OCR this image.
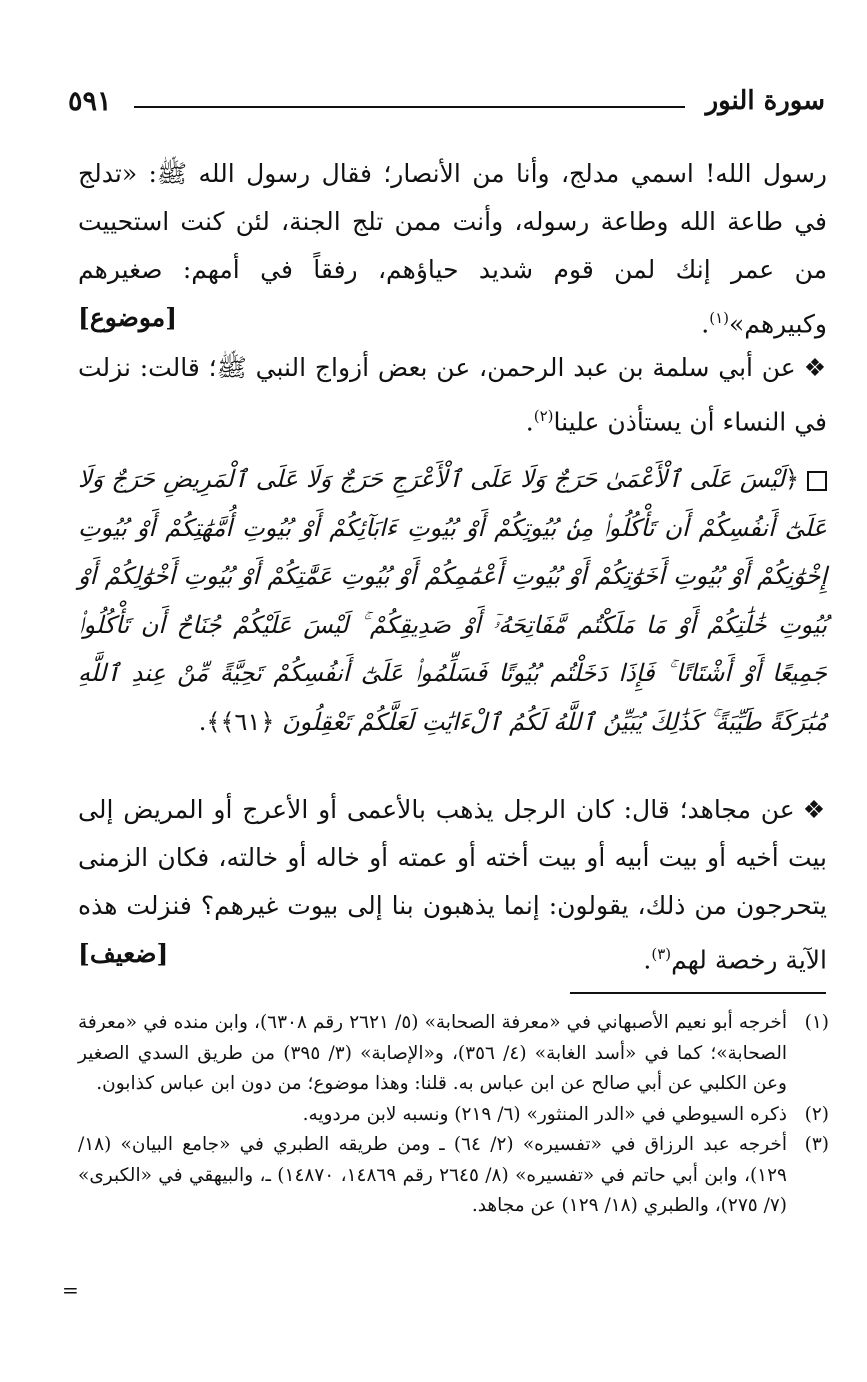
٥٩١	سورة النور
رسول الله! اسمي مدلج، وأنا من الأنصار؛ فقال رسول الله ﷺ: «تدلج في طاعة الله وطاعة رسوله، وأنت ممن تلج الجنة، لئن كنت استحييت من عمر إنك لمن قوم شديد حياؤهم، رفقاً في أمهم: صغيرهم وكبيرهم»$^{(١)}$.
[موضوع]
❖عن أبي سلمة بن عبد الرحمن، عن بعض أزواج النبي ﷺ؛ قالت: نزلت في النساء أن يستأذن علينا$^{(٢)}$.
﴿لَيْسَ عَلَى ٱلْأَعْمَىٰ حَرَجٌ وَلَا عَلَى ٱلْأَعْرَجِ حَرَجٌ وَلَا عَلَى ٱلْمَرِيضِ حَرَجٌ وَلَا عَلَىٰٓ أَنفُسِكُمْ أَن تَأْكُلُوا۟ مِنۢ بُيُوتِكُمْ أَوْ بُيُوتِ ءَابَآئِكُمْ أَوْ بُيُوتِ أُمَّهَٰتِكُمْ أَوْ بُيُوتِ إِخْوَٰنِكُمْ أَوْ بُيُوتِ أَخَوَٰتِكُمْ أَوْ بُيُوتِ أَعْمَٰمِكُمْ أَوْ بُيُوتِ عَمَّٰتِكُمْ أَوْ بُيُوتِ أَخْوَٰلِكُمْ أَوْ بُيُوتِ خَٰلَٰتِكُمْ أَوْ مَا مَلَكْتُم مَّفَاتِحَهُۥٓ أَوْ صَدِيقِكُمْ ۚ لَيْسَ عَلَيْكُمْ جُنَاحٌ أَن تَأْكُلُوا۟ جَمِيعًا أَوْ أَشْتَاتًا ۚ فَإِذَا دَخَلْتُم بُيُوتًا فَسَلِّمُوا۟ عَلَىٰٓ أَنفُسِكُمْ تَحِيَّةً مِّنْ عِندِ ٱللَّهِ مُبَٰرَكَةً طَيِّبَةً ۚ كَذَٰلِكَ يُبَيِّنُ ٱللَّهُ لَكُمُ ٱلْءَايَٰتِ لَعَلَّكُمْ تَعْقِلُونَ ﴿٦١﴾﴾.
❖عن مجاهد؛ قال: كان الرجل يذهب بالأعمى أو الأعرج أو المريض إلى بيت أخيه أو بيت أبيه أو بيت أخته أو عمته أو خاله أو خالته، فكان الزمنى يتحرجون من ذلك، يقولون: إنما يذهبون بنا إلى بيوت غيرهم؟ فنزلت هذه الآية رخصة لهم$^{(٣)}$.
[ضعيف]
(١)
أخرجه أبو نعيم الأصبهاني في «معرفة الصحابة» (٥/ ٢٦٢١ رقم ٦٣٠٨)، وابن منده في «معرفة الصحابة»؛ كما في «أسد الغابة» (٤/ ٣٥٦)، و«الإصابة» (٣/ ٣٩٥) من طريق السدي الصغير وعن الكلبي عن أبي صالح عن ابن عباس به. قلنا: وهذا موضوع؛ من دون ابن عباس كذابون.
(٢)
ذكره السيوطي في «الدر المنثور» (٦/ ٢١٩) ونسبه لابن مردويه.
(٣)
أخرجه عبد الرزاق في «تفسيره» (٢/ ٦٤) ـ ومن طريقه الطبري في «جامع البيان» (١٨/ ١٢٩)، وابن أبي حاتم في «تفسيره» (٨/ ٢٦٤٥ رقم ١٤٨٦٩، ١٤٨٧٠) ـ، والبيهقي في «الكبرى» (٧/ ٢٧٥)، والطبري (١٨/ ١٢٩) عن مجاهد.
=
